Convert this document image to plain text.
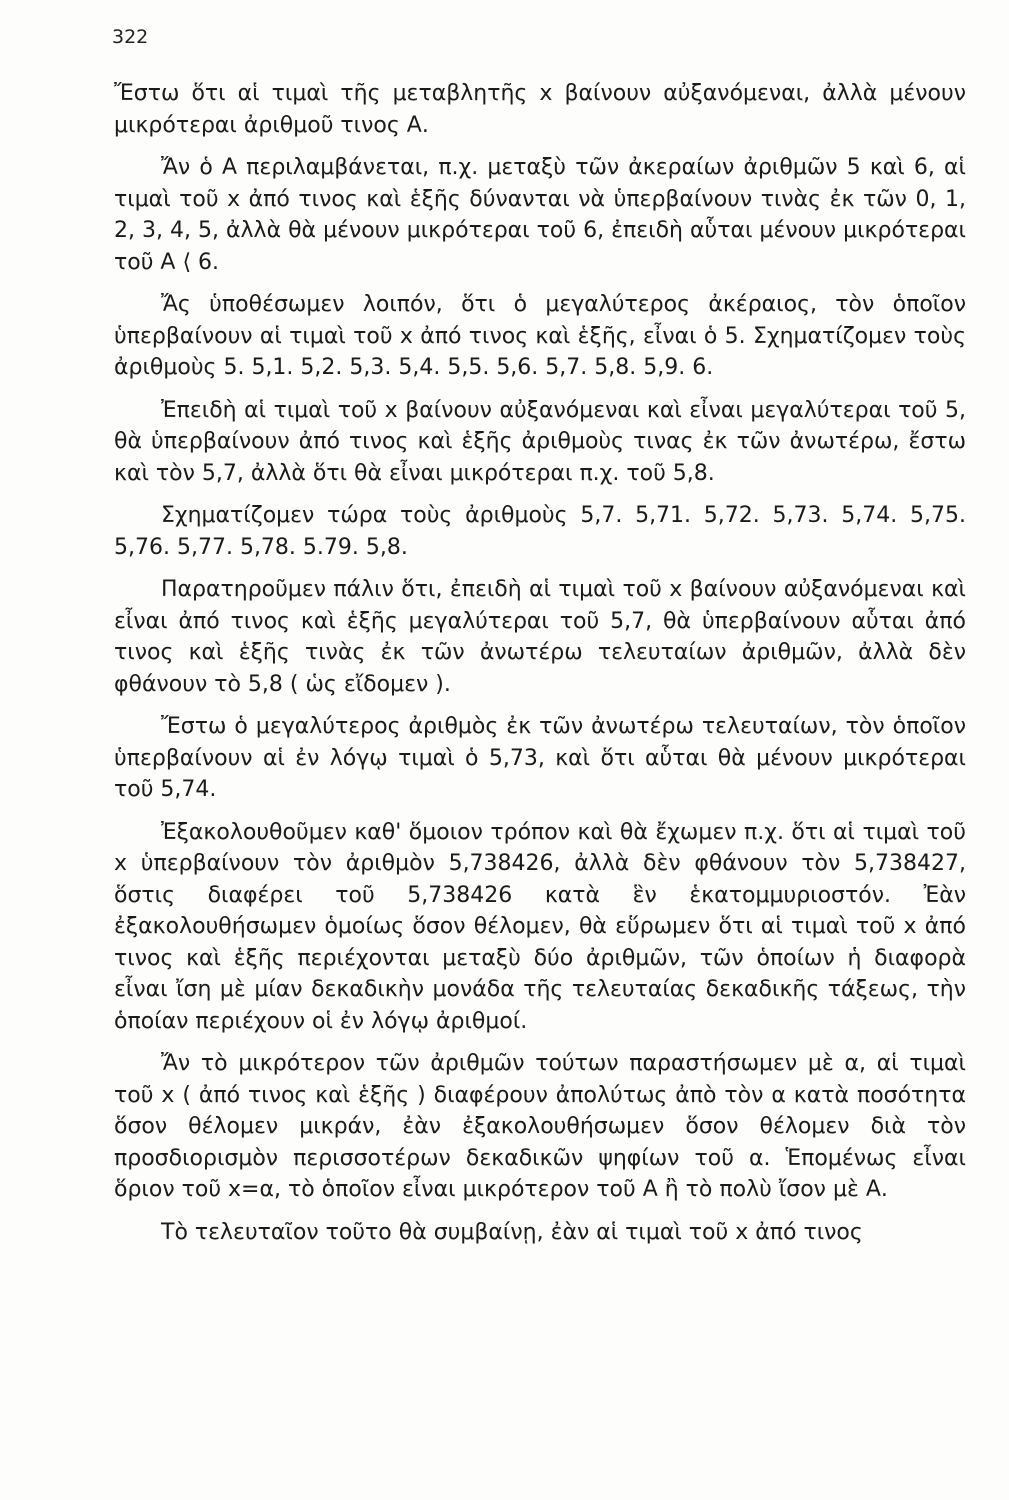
322

Ἔστω ὅτι αἱ τιμαὶ τῆς μεταβλητῆς x βαίνουν αὐξανόμεναι, ἀλλὰ μένουν μικρότεραι ἀριθμοῦ τινος Α.

Ἄν ὁ Α περιλαμβάνεται, π.χ. μεταξὺ τῶν ἀκεραίων ἀριθμῶν 5 καὶ 6, αἱ τιμαὶ τοῦ x ἀπό τινος καὶ ἑξῆς δύνανται νὰ ὑπερβαίνουν τινὰς ἐκ τῶν 0, 1, 2, 3, 4, 5, ἀλλὰ θὰ μένουν μικρότεραι τοῦ 6, ἐπειδὴ αὗται μένουν μικρότεραι τοῦ Α ⟨ 6.

Ἄς ὑποθέσωμεν λοιπόν, ὅτι ὁ μεγαλύτερος ἀκέραιος, τὸν ὁποῖον ὑπερβαίνουν αἱ τιμαὶ τοῦ x ἀπό τινος καὶ ἑξῆς, εἶναι ὁ 5. Σχηματίζομεν τοὺς ἀριθμοὺς 5. 5,1. 5,2. 5,3. 5,4. 5,5. 5,6. 5,7. 5,8. 5,9. 6.

Ἐπειδὴ αἱ τιμαὶ τοῦ x βαίνουν αὐξανόμεναι καὶ εἶναι μεγαλύτεραι τοῦ 5, θὰ ὑπερβαίνουν ἀπό τινος καὶ ἑξῆς ἀριθμοὺς τινας ἐκ τῶν ἀνωτέρω, ἔστω καὶ τὸν 5,7, ἀλλὰ ὅτι θὰ εἶναι μικρότεραι π.χ. τοῦ 5,8.

Σχηματίζομεν τώρα τοὺς ἀριθμοὺς 5,7. 5,71. 5,72. 5,73. 5,74. 5,75. 5,76. 5,77. 5,78. 5.79. 5,8.

Παρατηροῦμεν πάλιν ὅτι, ἐπειδὴ αἱ τιμαὶ τοῦ x βαίνουν αὐξανόμεναι καὶ εἶναι ἀπό τινος καὶ ἑξῆς μεγαλύτεραι τοῦ 5,7, θὰ ὑπερβαίνουν αὗται ἀπό τινος καὶ ἑξῆς τινὰς ἐκ τῶν ἀνωτέρω τελευταίων ἀριθμῶν, ἀλλὰ δὲν φθάνουν τὸ 5,8 ( ὡς εἴδομεν ).

Ἔστω ὁ μεγαλύτερος ἀριθμὸς ἐκ τῶν ἀνωτέρω τελευταίων, τὸν ὁποῖον ὑπερβαίνουν αἱ ἐν λόγῳ τιμαὶ ὁ 5,73, καὶ ὅτι αὗται θὰ μένουν μικρότεραι τοῦ 5,74.

Ἐξακολουθοῦμεν καθ' ὅμοιον τρόπον καὶ θὰ ἔχωμεν π.χ. ὅτι αἱ τιμαὶ τοῦ x ὑπερβαίνουν τὸν ἀριθμὸν 5,738426, ἀλλὰ δὲν φθάνουν τὸν 5,738427, ὅστις διαφέρει τοῦ 5,738426 κατὰ ἓν ἑκατομμυριοστόν. Ἐὰν ἐξακολουθήσωμεν ὁμοίως ὅσον θέλομεν, θὰ εὕρωμεν ὅτι αἱ τιμαὶ τοῦ x ἀπό τινος καὶ ἑξῆς περιέχονται μεταξὺ δύο ἀριθμῶν, τῶν ὁποίων ἡ διαφορὰ εἶναι ἴση μὲ μίαν δεκαδικὴν μονάδα τῆς τελευταίας δεκαδικῆς τάξεως, τὴν ὁποίαν περιέχουν οἱ ἐν λόγῳ ἀριθμοί.

Ἄν τὸ μικρότερον τῶν ἀριθμῶν τούτων παραστήσωμεν μὲ α, αἱ τιμαὶ τοῦ x ( ἀπό τινος καὶ ἑξῆς ) διαφέρουν ἀπολύτως ἀπὸ τὸν α κατὰ ποσότητα ὅσον θέλομεν μικράν, ἐὰν ἐξακολουθήσωμεν ὅσον θέλομεν διὰ τὸν προσδιορισμὸν περισσοτέρων δεκαδικῶν ψηφίων τοῦ α. Ἑπομένως εἶναι ὅριον τοῦ x=α, τὸ ὁποῖον εἶναι μικρότερον τοῦ Α ἢ τὸ πολὺ ἴσον μὲ Α.

Τὸ τελευταῖον τοῦτο θὰ συμβαίνῃ, ἐὰν αἱ τιμαὶ τοῦ x ἀπό τινος
